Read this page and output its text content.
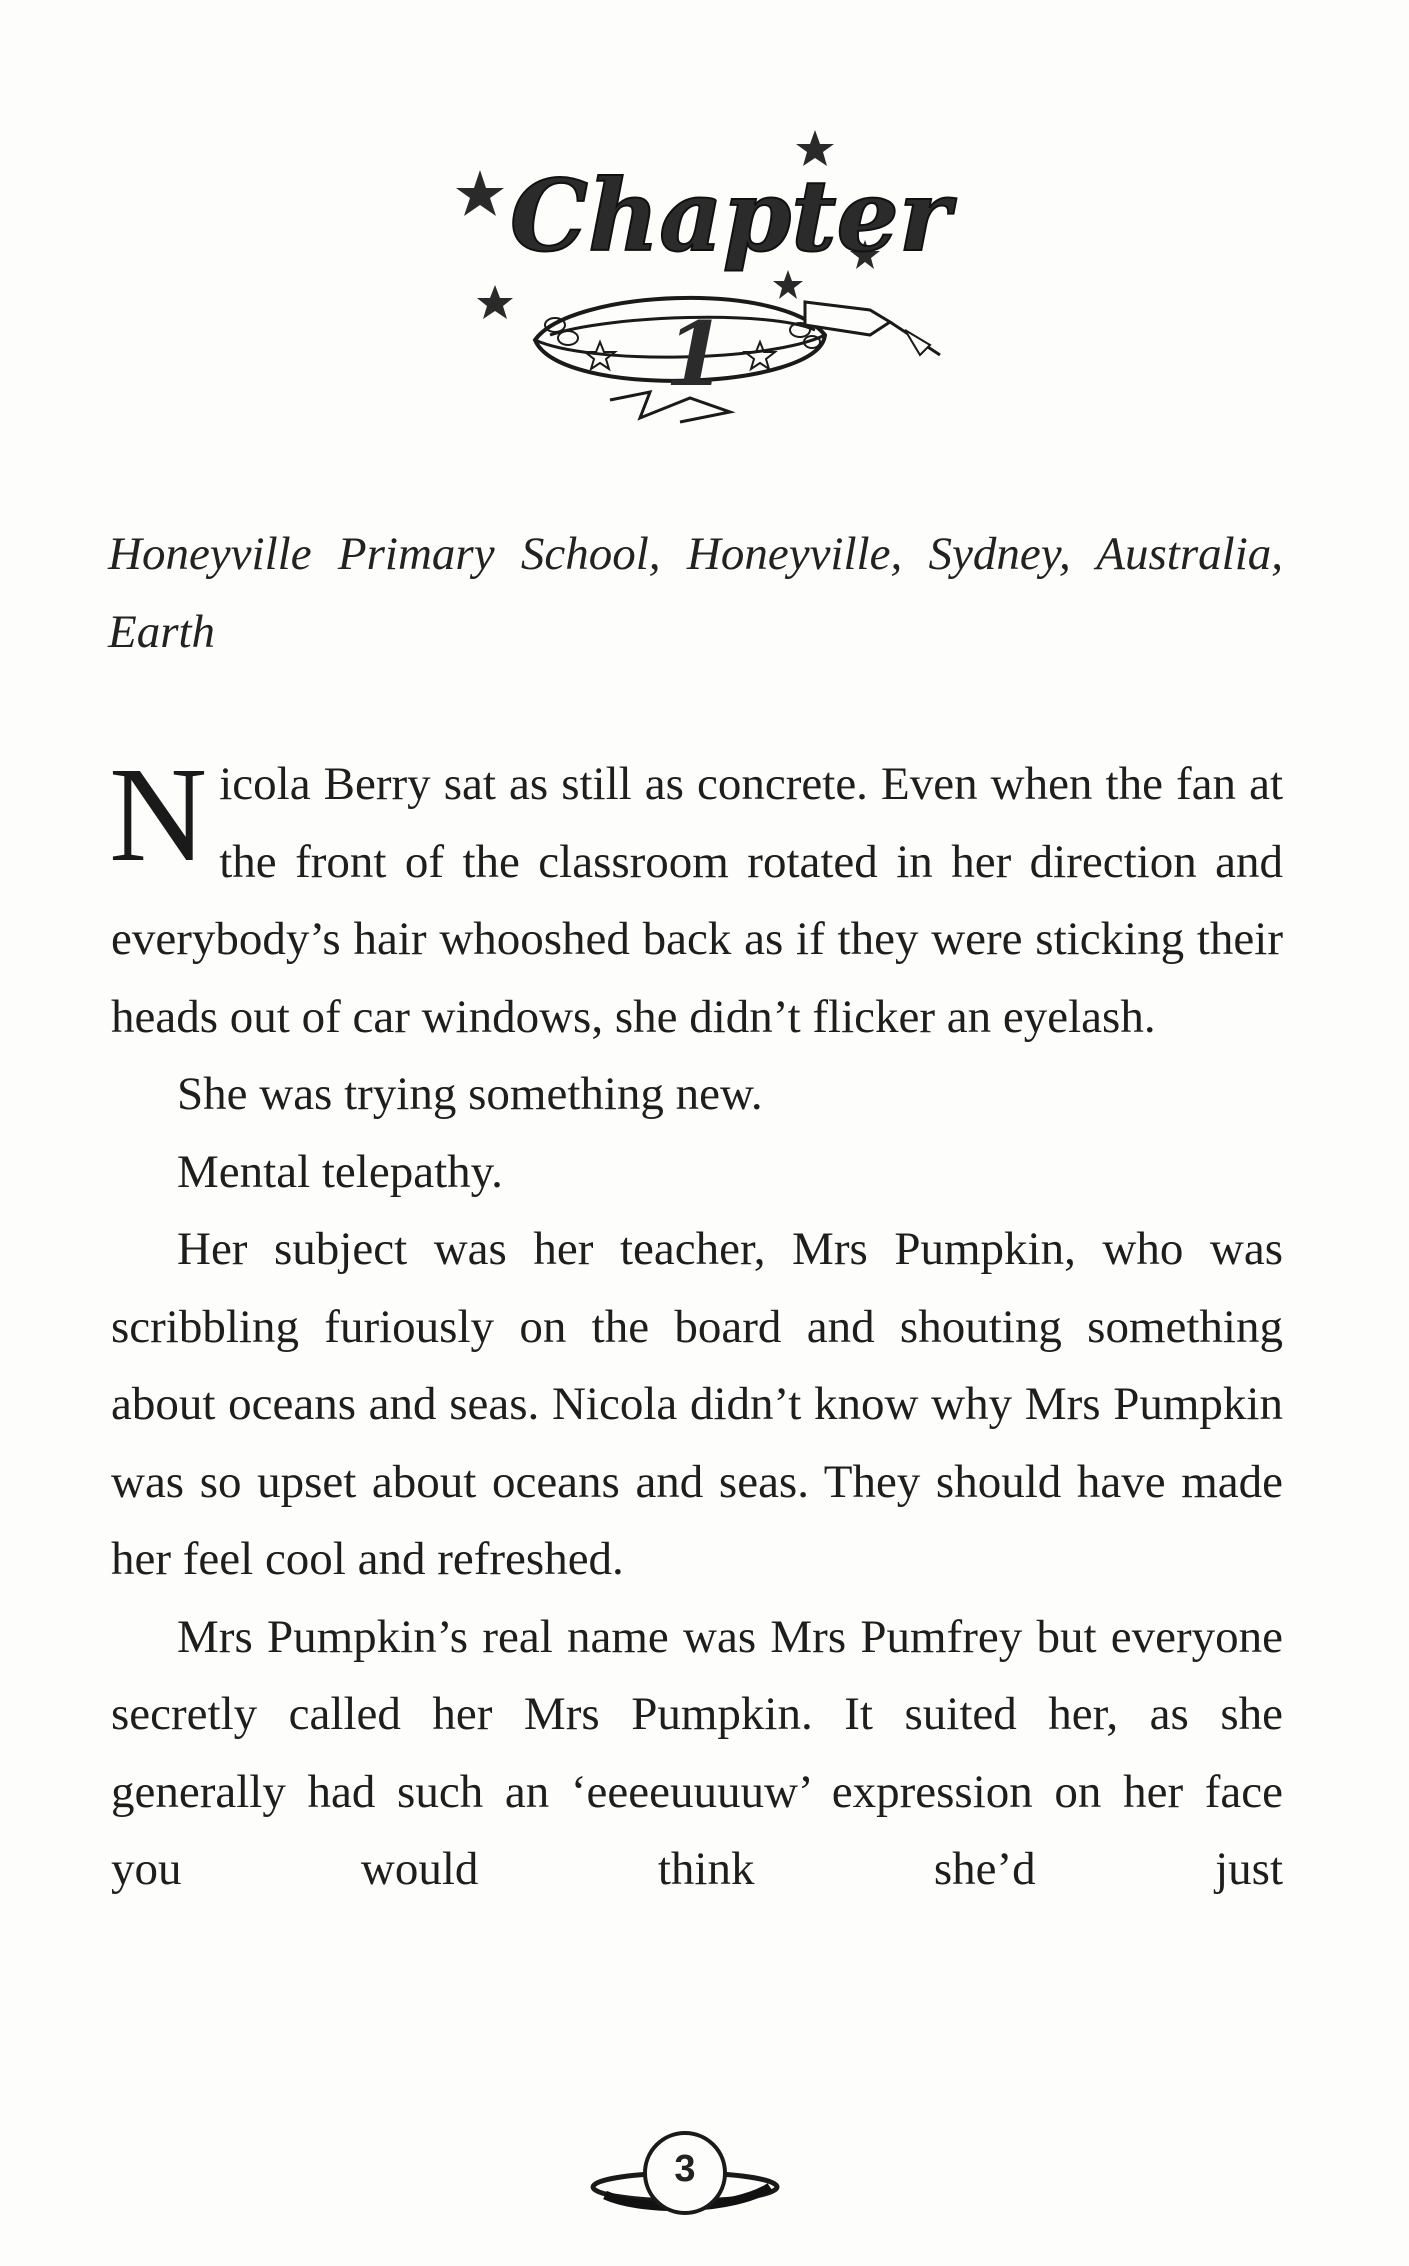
Chapter
1
Honeyville Primary School, Honeyville, Sydney, Australia, Earth

Nicola Berry sat as still as concrete. Even when the fan at the front of the classroom rotated in her direction and everybody’s hair whooshed back as if they were sticking their heads out of car windows, she didn’t flicker an eyelash.

She was trying something new.

Mental telepathy.

Her subject was her teacher, Mrs Pumpkin, who was scribbling furiously on the board and shouting something about oceans and seas. Nicola didn’t know why Mrs Pumpkin was so upset about oceans and seas. They should have made her feel cool and refreshed.

Mrs Pumpkin’s real name was Mrs Pumfrey but everyone secretly called her Mrs Pumpkin. It suited her, as she generally had such an ‘eeeeuuuuw’ expression on her face you would think she’d just

3
